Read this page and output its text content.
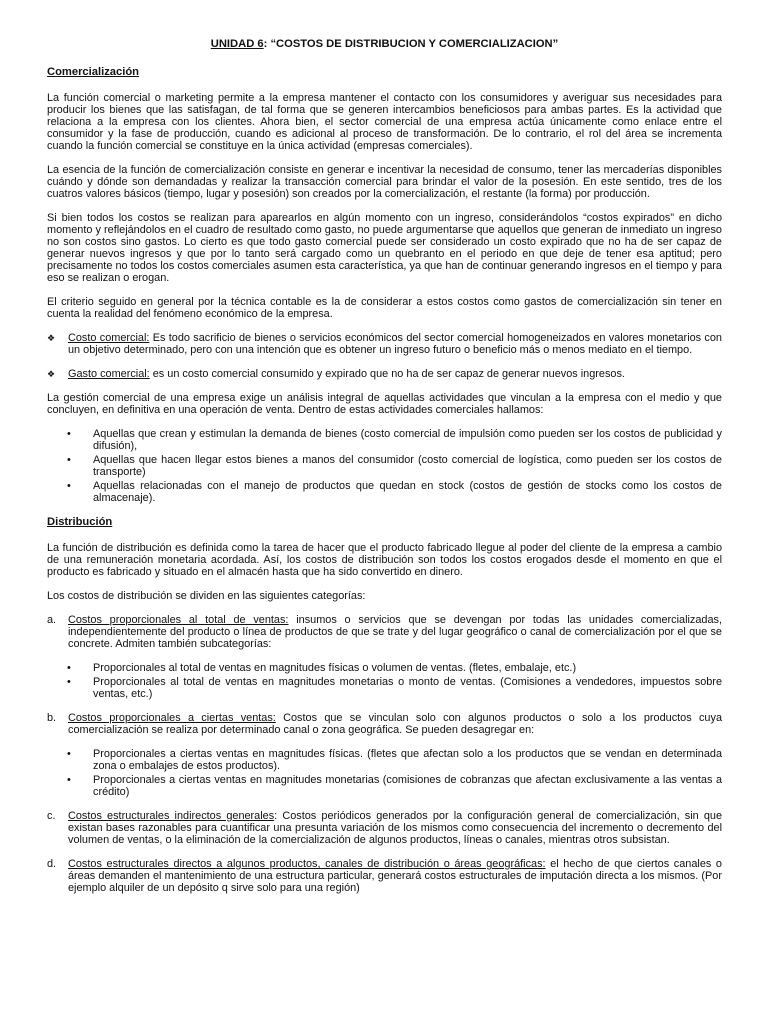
UNIDAD 6: “COSTOS DE DISTRIBUCION Y COMERCIALIZACION”
Comercialización

La función comercial o marketing permite a la empresa mantener el contacto con los consumidores y averiguar sus necesidades para producir los bienes que las satisfagan, de tal forma que se generen intercambios beneficiosos para ambas partes. Es la actividad que relaciona a la empresa con los clientes. Ahora bien, el sector comercial de una empresa actúa únicamente como enlace entre el consumidor y la fase de producción, cuando es adicional al proceso de transformación. De lo contrario, el rol del área se incrementa cuando la función comercial se constituye en la única actividad (empresas comerciales).

La esencia de la función de comercialización consiste en generar e incentivar la necesidad de consumo, tener las mercaderías disponibles cuándo y dónde son demandadas y realizar la transacción comercial para brindar el valor de la posesión. En este sentido, tres de los cuatros valores básicos (tiempo, lugar y posesión) son creados por la comercialización, el restante (la forma) por producción.

Si bien todos los costos se realizan para aparearlos en algún momento con un ingreso, considerándolos “costos expirados” en dicho momento y reflejándolos en el cuadro de resultado como gasto, no puede argumentarse que aquellos que generan de inmediato un ingreso no son costos sino gastos. Lo cierto es que todo gasto comercial puede ser considerado un costo expirado que no ha de ser capaz de generar nuevos ingresos y que por lo tanto será cargado como un quebranto en el periodo en que deje de tener esa aptitud; pero precisamente no todos los costos comerciales asumen esta característica, ya que han de continuar generando ingresos en el tiempo y para eso se realizan o erogan.

El criterio seguido en general por la técnica contable es la de considerar a estos costos como gastos de comercialización sin tener en cuenta la realidad del fenómeno económico de la empresa.

❖ Costo comercial: Es todo sacrificio de bienes o servicios económicos del sector comercial homogeneizados en valores monetarios con un objetivo determinado, pero con una intención que es obtener un ingreso futuro o beneficio más o menos mediato en el tiempo.
❖ Gasto comercial: es un costo comercial consumido y expirado que no ha de ser capaz de generar nuevos ingresos.

La gestión comercial de una empresa exige un análisis integral de aquellas actividades que vinculan a la empresa con el medio y que concluyen, en definitiva en una operación de venta. Dentro de estas actividades comerciales hallamos:

• Aquellas que crean y estimulan la demanda de bienes (costo comercial de impulsión como pueden ser los costos de publicidad y difusión),
• Aquellas que hacen llegar estos bienes a manos del consumidor (costo comercial de logística, como pueden ser los costos de transporte)
• Aquellas relacionadas con el manejo de productos que quedan en stock (costos de gestión de stocks como los costos de almacenaje).
Distribución

La función de distribución es definida como la tarea de hacer que el producto fabricado llegue al poder del cliente de la empresa a cambio de una remuneración monetaria acordada. Así, los costos de distribución son todos los costos erogados desde el momento en que el producto es fabricado y situado en el almacén hasta que ha sido convertido en dinero.

Los costos de distribución se dividen en las siguientes categorías:

a. Costos proporcionales al total de ventas: insumos o servicios que se devengan por todas las unidades comercializadas, independientemente del producto o línea de productos de que se trate y del lugar geográfico o canal de comercialización por el que se concrete. Admiten también subcategorías:
• Proporcionales al total de ventas en magnitudes físicas o volumen de ventas. (fletes, embalaje, etc.)
• Proporcionales al total de ventas en magnitudes monetarias o monto de ventas. (Comisiones a vendedores, impuestos sobre ventas, etc.)
b. Costos proporcionales a ciertas ventas: Costos que se vinculan solo con algunos productos o solo a los productos cuya comercialización se realiza por determinado canal o zona geográfica. Se pueden desagregar en:
• Proporcionales a ciertas ventas en magnitudes físicas. (fletes que afectan solo a los productos que se vendan en determinada zona o embalajes de estos productos).
• Proporcionales a ciertas ventas en magnitudes monetarias (comisiones de cobranzas que afectan exclusivamente a las ventas a crédito)
c. Costos estructurales indirectos generales: Costos periódicos generados por la configuración general de comercialización, sin que existan bases razonables para cuantificar una presunta variación de los mismos como consecuencia del incremento o decremento del volumen de ventas, o la eliminación de la comercialización de algunos productos, líneas o canales, mientras otros subsistan.
d. Costos estructurales directos a algunos productos, canales de distribución o áreas geográficas: el hecho de que ciertos canales o áreas demanden el mantenimiento de una estructura particular, generará costos estructurales de imputación directa a los mismos. (Por ejemplo alquiler de un depósito q sirve solo para una región)
